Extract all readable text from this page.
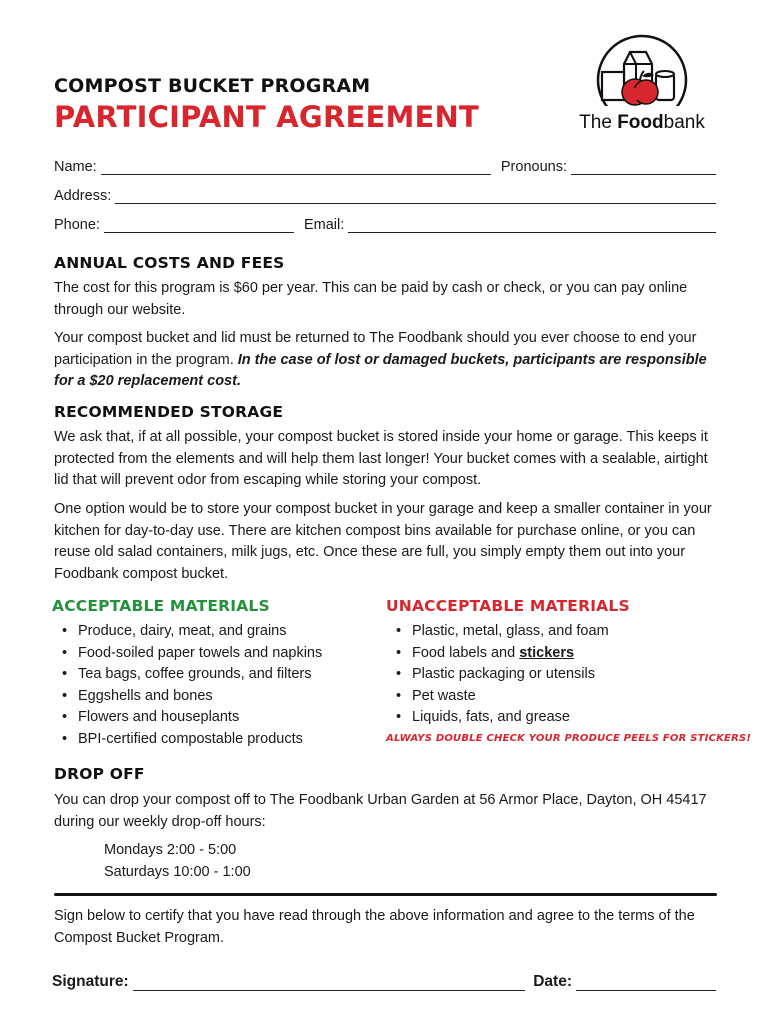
COMPOST BUCKET PROGRAM
PARTICIPANT AGREEMENT	The Foodbank
Name:	Pronouns:
Address:
Phone:	Email:
ANNUAL COSTS AND FEES
The cost for this program is $60 per year. This can be paid by cash or check, or you can pay online through our website.
Your compost bucket and lid must be returned to The Foodbank should you ever choose to end your participation in the program. In the case of lost or damaged buckets, participants are responsible for a $20 replacement cost.
RECOMMENDED STORAGE
We ask that, if at all possible, your compost bucket is stored inside your home or garage. This keeps it protected from the elements and will help them last longer! Your bucket comes with a sealable, airtight lid that will prevent odor from escaping while storing your compost.
One option would be to store your compost bucket in your garage and keep a smaller container in your kitchen for day-to-day use. There are kitchen compost bins available for purchase online, or you can reuse old salad containers, milk jugs, etc. Once these are full, you simply empty them out into your Foodbank compost bucket.
ACCEPTABLE MATERIALS
• Produce, dairy, meat, and grains
• Food-soiled paper towels and napkins
• Tea bags, coffee grounds, and filters
• Eggshells and bones
• Flowers and houseplants
• BPI-certified compostable products
UNACCEPTABLE MATERIALS
• Plastic, metal, glass, and foam
• Food labels and stickers
• Plastic packaging or utensils
• Pet waste
• Liquids, fats, and grease
ALWAYS DOUBLE CHECK YOUR PRODUCE PEELS FOR STICKERS!
DROP OFF
You can drop your compost off to The Foodbank Urban Garden at 56 Armor Place, Dayton, OH 45417 during our weekly drop-off hours:
Mondays 2:00 - 5:00
Saturdays 10:00 - 1:00
Sign below to certify that you have read through the above information and agree to the terms of the Compost Bucket Program.
Signature:	Date:
